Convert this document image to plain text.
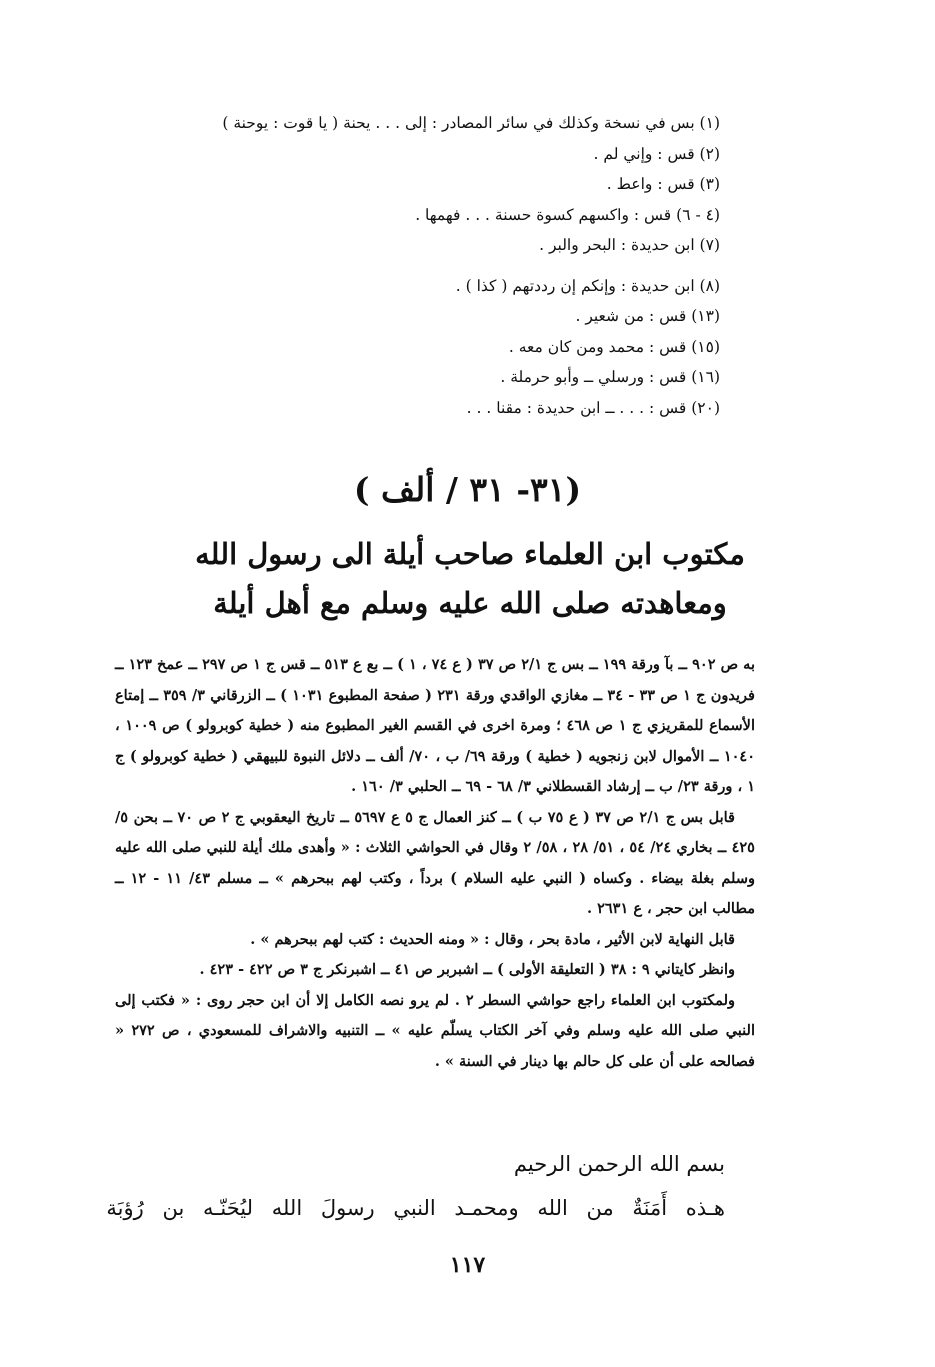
(١) بس في نسخة وكذلك في سائر المصادر : إلى . . . يحنة ( يا قوت : يوحنة )
(٢) قس : وإني لم .
(٣) قس : واعط .
(٤ - ٦) قس : واكسهم كسوة حسنة . . . فهمها .
(٧) ابن حديدة : البحر والبر .
(٨) ابن حديدة : وإنكم إن رددتهم ( كذا ) .
(١٣) قس : من شعير .
(١٥) قس : محمد ومن كان معه .
(١٦) قس : ورسلي ــ وأبو حرملة .
(٢٠) قس : . . . ــ ابن حديدة : مقنا . . .
(٣١- ٣١ / ألف )
مكتوب ابن العلماء صاحب أيلة الى رسول الله
ومعاهدته صلى الله عليه وسلم مع أهل أيلة

به ص ٩٠٢ ــ بآ ورقة ١٩٩ ــ بس ج ٢/١ ص ٣٧ ( ع ٧٤ ، ١ ) ــ بع ع ٥١٣ ــ قس ج ١ ص ٢٩٧ ــ عمخ ١٢٣ ــ فريدون ج ١ ص ٣٣ - ٣٤ ــ مغازي الواقدي ورقة ٢٣١ ( صفحة المطبوع ١٠٣١ ) ــ الزرقاني ٣/ ٣٥٩ ــ إمتاع الأسماع للمقريزي ج ١ ص ٤٦٨ ؛ ومرة اخرى في القسم الغير المطبوع منه ( خطية كوبرولو ) ص ١٠٠٩ ، ١٠٤٠ ــ الأموال لابن زنجويه ( خطية ) ورقة ٦٩/ ب ، ٧٠/ ألف ــ دلائل النبوة للبيهقي ( خطية كوبرولو ) ج ١ ، ورقة ٢٣/ ب ــ إرشاد القسطلاني ٣/ ٦٨ - ٦٩ ــ الحلبي ٣/ ١٦٠ .

قابل بس ج ٢/١ ص ٣٧ ( ع ٧٥ ب ) ــ كنز العمال ج ٥ ع ٥٦٩٧ ــ تاريخ اليعقوبي ج ٢ ص ٧٠ ــ بحن ٥/ ٤٢٥ ــ بخاري ٢٤/ ٥٤ ، ٥١/ ٢٨ ، ٥٨/ ٢ وقال في الحواشي الثلاث : « وأهدى ملك أيلة للنبي صلى الله عليه وسلم بغلة بيضاء . وكساه ( النبي عليه السلام ) برداً ، وكتب لهم ببحرهم » ــ مسلم ٤٣/ ١١ - ١٢ ــ مطالب ابن حجر ، ع ٢٦٣١ .

قابل النهاية لابن الأثير ، مادة بحر ، وقال : « ومنه الحديث : كتب لهم ببحرهم » .

وانظر كايتاني ٩ : ٣٨ ( التعليقة الأولى ) ــ اشبربر ص ٤١ ــ اشبرنكر ج ٣ ص ٤٢٢ - ٤٢٣ .

ولمكتوب ابن العلماء راجع حواشي السطر ٢ . لم يرو نصه الكامل إلا أن ابن حجر روى : « فكتب إلى النبي صلى الله عليه وسلم وفي آخر الكتاب يسلّم عليه » ــ التنبيه والاشراف للمسعودي ، ص ٢٧٢ « فصالحه على أن على كل حالم بها دينار في السنة » .

بسم الله الرحمن الرحيم
هـذه أَمَنَةٌ من الله ومحمـد النبي رسولَ الله ليُحَنّـه بن رُؤبَة
١١٧
